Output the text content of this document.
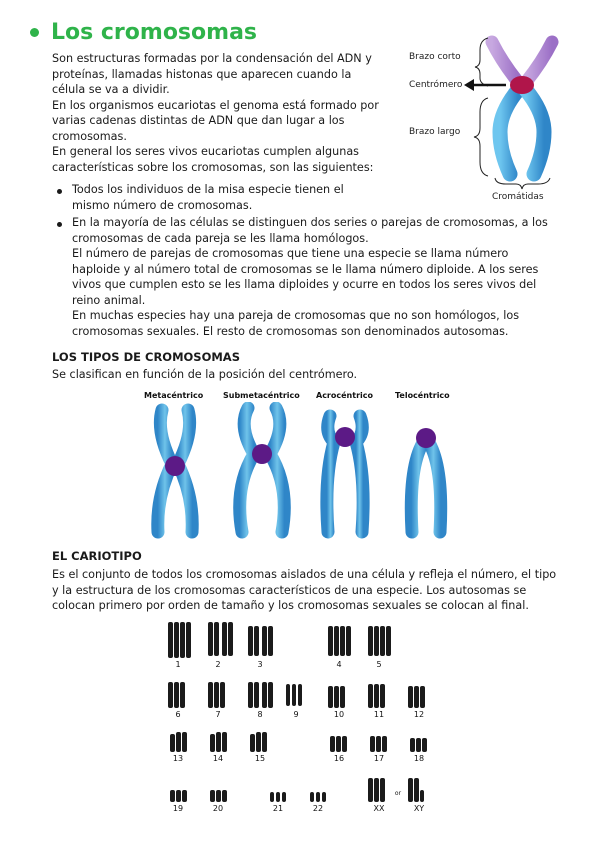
Los cromosomas
Son estructuras formadas por la condensación del ADN y
proteínas, llamadas histonas que aparecen cuando la
célula se va a dividir.
En los organismos eucariotas el genoma está formado por
varias cadenas distintas de ADN que dan lugar a los
cromosomas.
En general los seres vivos eucariotas cumplen algunas
características sobre los cromosomas, son las siguientes:
Todos los individuos de la misa especie tienen el
mismo número de cromosomas.
En la mayoría de las células se distinguen dos series o parejas de cromosomas, a los
cromosomas de cada pareja se les llama homólogos.
El número de parejas de cromosomas que tiene una especie se llama número
haploide y al número total de cromosomas se le llama número diploide. A los seres
vivos que cumplen esto se les llama diploides y ocurre en todos los seres vivos del
reino animal.
En muchas especies hay una pareja de cromosomas que no son homólogos, los
cromosomas sexuales. El resto de cromosomas son denominados autosomas.
Brazo corto
Centrómero
Brazo largo
Cromátidas
LOS TIPOS DE CROMOSOMAS
Se clasifican en función de la posición del centrómero.
Metacéntrico Submetacéntrico Acrocéntrico	Telocéntrico
EL CARIOTIPO
Es el conjunto de todos los cromosomas aislados de una célula y refleja el número, el tipo
y la estructura de los cromosomas característicos de una especie. Los autosomas se
colocan primero por orden de tamaño y los cromosomas sexuales se colocan al final.
1	2	3	4	5
6	7	8	9	10	11	12
13	14	15	16	17	18
19	20	21	22	XX
or
XY
